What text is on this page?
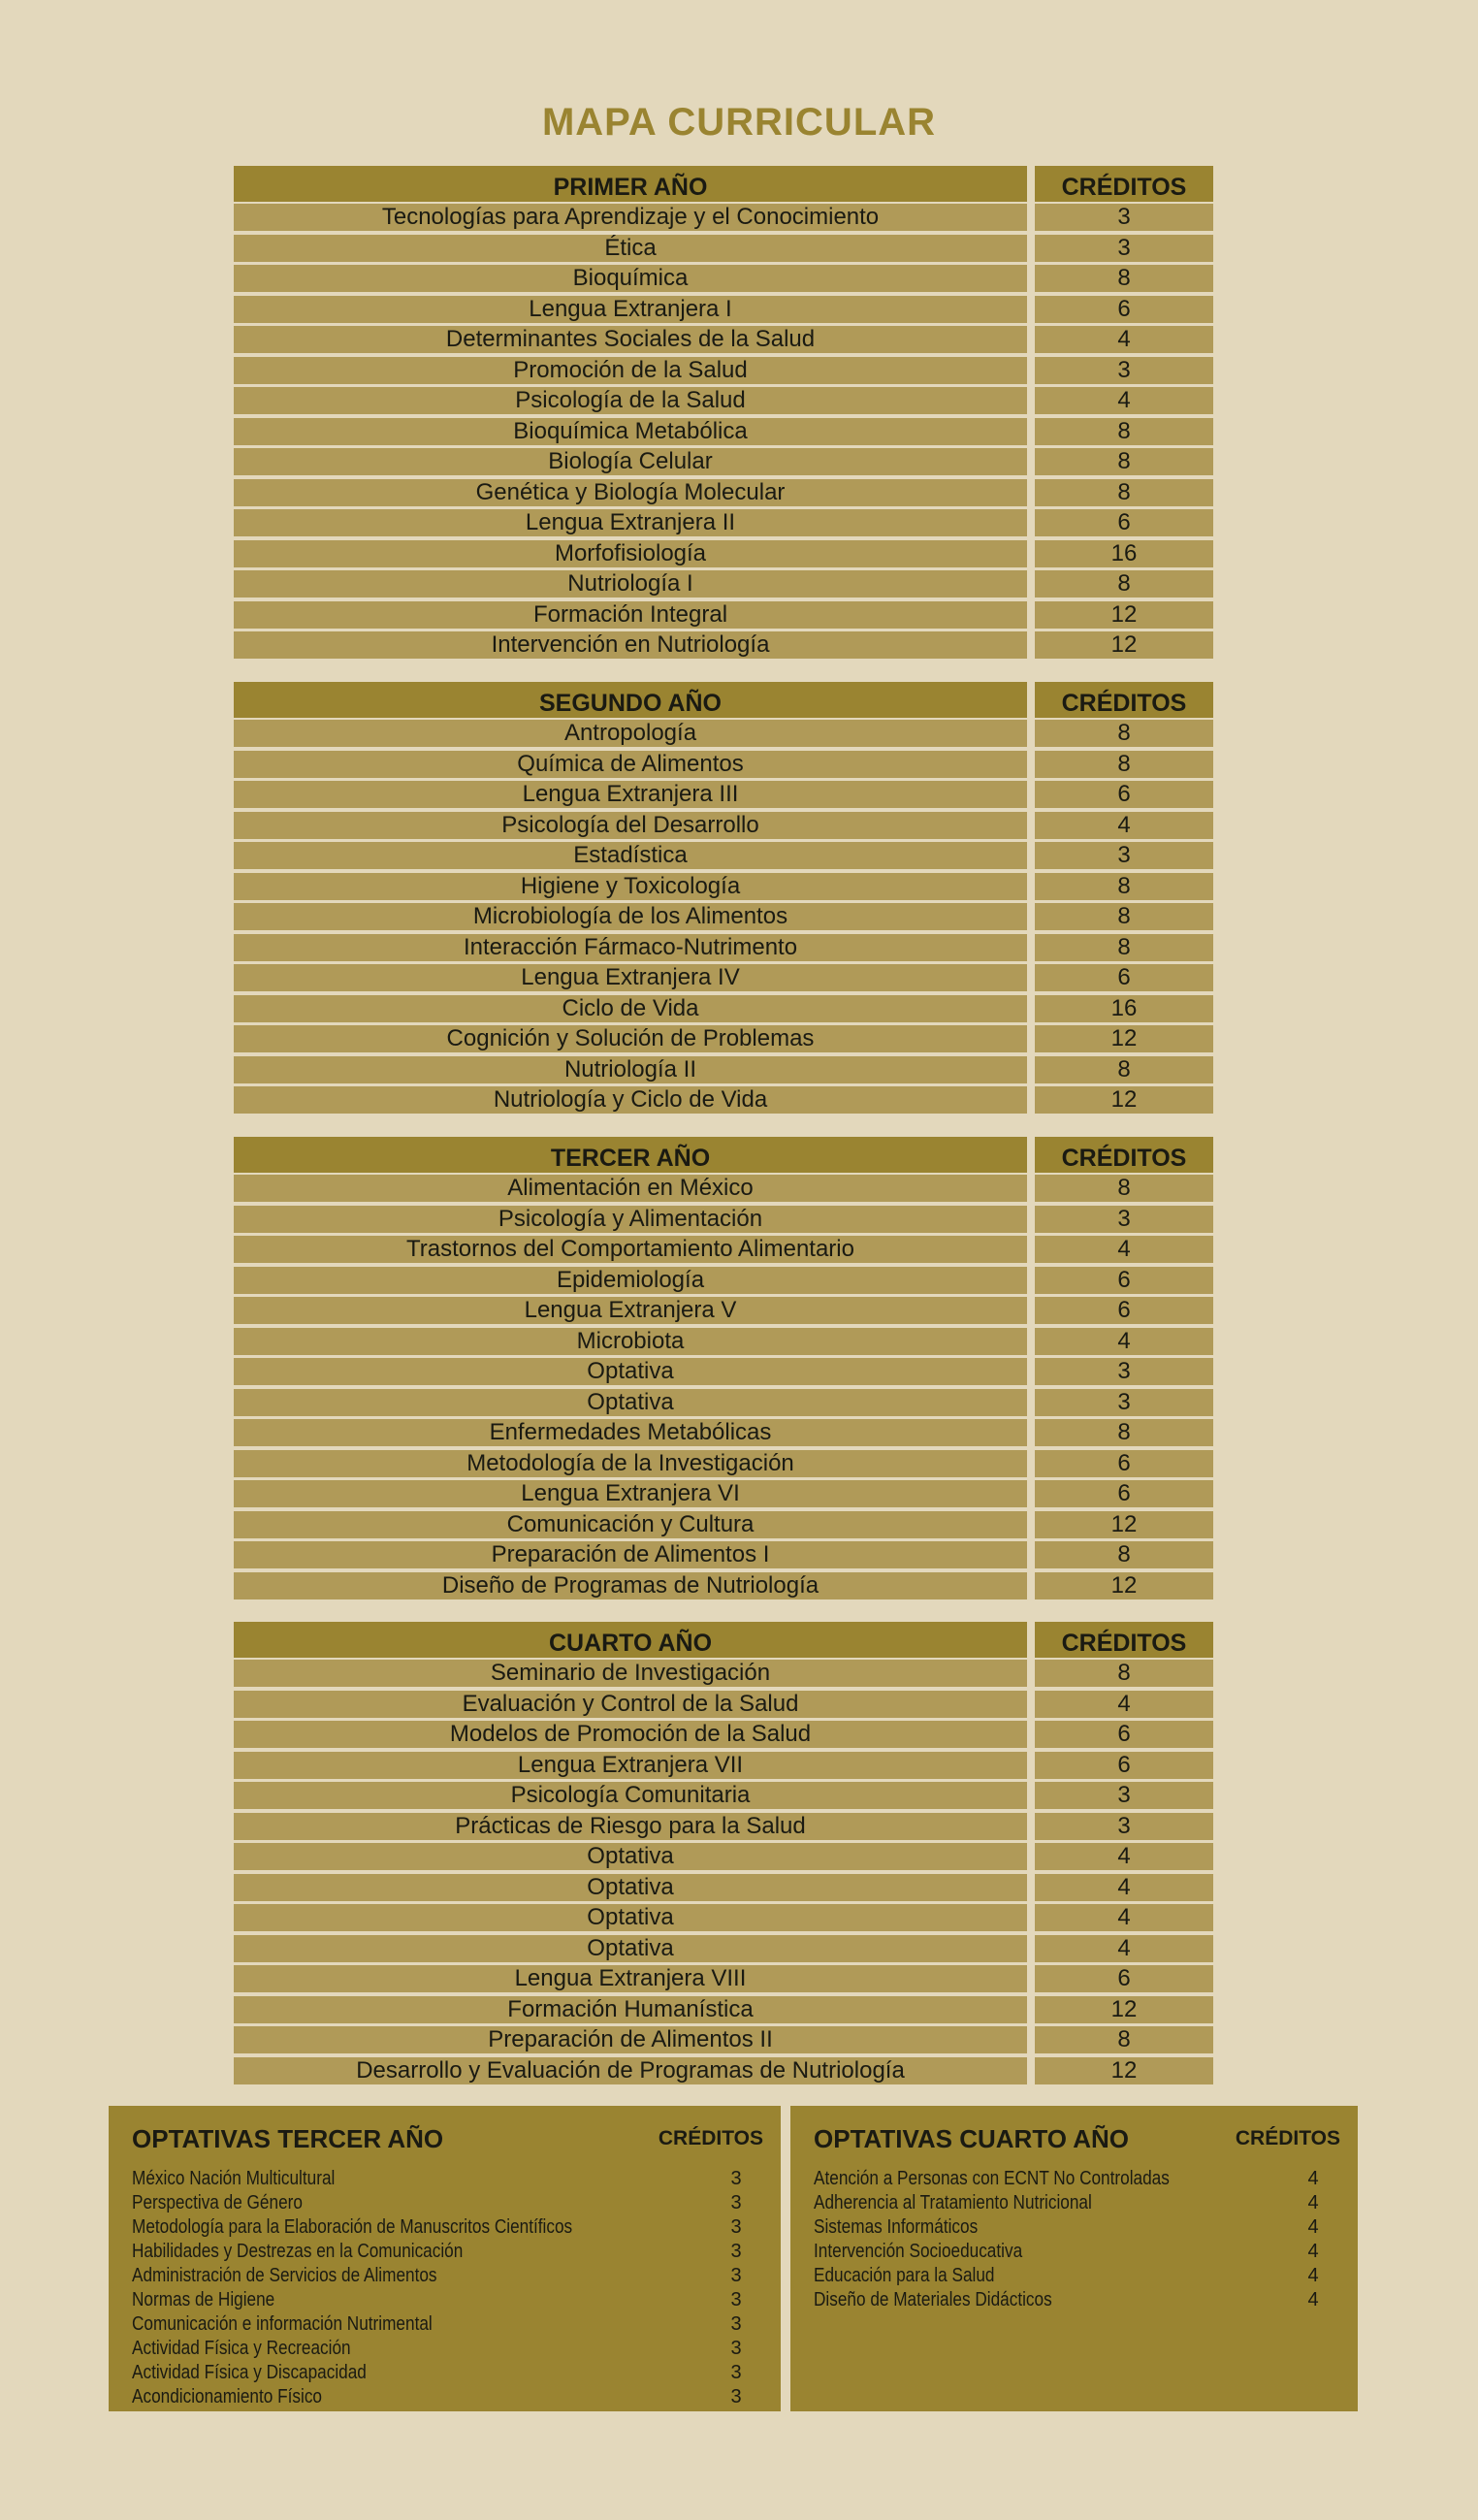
MAPA CURRICULAR
PRIMER AÑO	CRÉDITOS
Tecnologías para Aprendizaje y el Conocimiento	3
Ética	3
Bioquímica	8
Lengua Extranjera I	6
Determinantes Sociales de la Salud	4
Promoción de la Salud	3
Psicología de la Salud	4
Bioquímica Metabólica	8
Biología Celular	8
Genética y Biología Molecular	8
Lengua Extranjera II	6
Morfofisiología	16
Nutriología I	8
Formación Integral	12
Intervención en Nutriología	12
SEGUNDO AÑO	CRÉDITOS
Antropología	8
Química de Alimentos	8
Lengua Extranjera III	6
Psicología del Desarrollo	4
Estadística	3
Higiene y Toxicología	8
Microbiología de los Alimentos	8
Interacción Fármaco-Nutrimento	8
Lengua Extranjera IV	6
Ciclo de Vida	16
Cognición y Solución de Problemas	12
Nutriología II	8
Nutriología y Ciclo de Vida	12
TERCER AÑO	CRÉDITOS
Alimentación en México	8
Psicología y Alimentación	3
Trastornos del Comportamiento Alimentario	4
Epidemiología	6
Lengua Extranjera V	6
Microbiota	4
Optativa	3
Optativa	3
Enfermedades Metabólicas	8
Metodología de la Investigación	6
Lengua Extranjera VI	6
Comunicación y Cultura	12
Preparación de Alimentos I	8
Diseño de Programas de Nutriología	12
CUARTO AÑO	CRÉDITOS
Seminario de Investigación	8
Evaluación y Control de la Salud	4
Modelos de Promoción de la Salud	6
Lengua Extranjera VII	6
Psicología Comunitaria	3
Prácticas de Riesgo para la Salud	3
Optativa	4
Optativa	4
Optativa	4
Optativa	4
Lengua Extranjera VIII	6
Formación Humanística	12
Preparación de Alimentos II	8
Desarrollo y Evaluación de Programas de Nutriología	12
OPTATIVAS TERCER AÑO	CRÉDITOS
México Nación Multicultural	3
Perspectiva de Género	3
Metodología para la Elaboración de Manuscritos Científicos	3
Habilidades y Destrezas en la Comunicación	3
Administración de Servicios de Alimentos	3
Normas de Higiene	3
Comunicación e información Nutrimental	3
Actividad Física y Recreación	3
Actividad Física y Discapacidad	3
Acondicionamiento Físico	3
OPTATIVAS CUARTO AÑO	CRÉDITOS
Atención a Personas con ECNT No Controladas	4
Adherencia al Tratamiento Nutricional	4
Sistemas Informáticos	4
Intervención Socioeducativa	4
Educación para la Salud	4
Diseño de Materiales Didácticos	4
